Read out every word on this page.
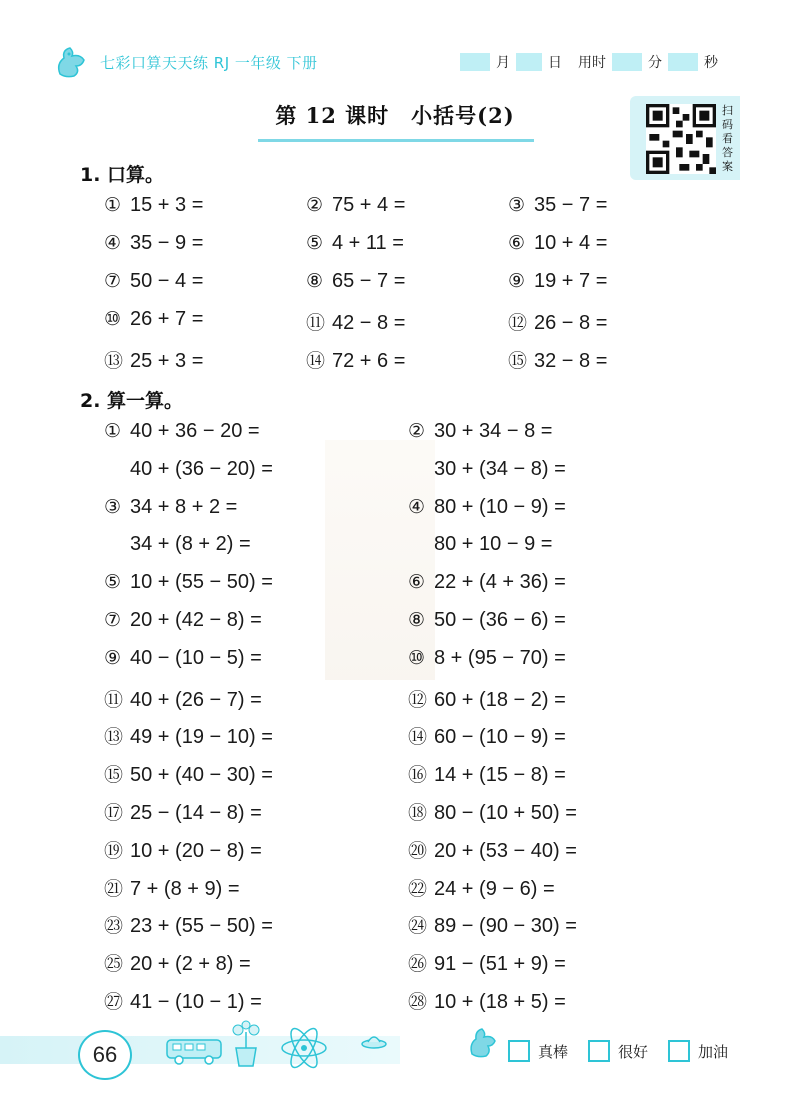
七彩口算天天练 RJ 一年级 下册	月	日 用时	分	秒
第 12 课时　小括号(2)	扫码看答案
1. 口算。
① 15 + 3 =	② 75 + 4 =	③ 35 − 7 =
④ 35 − 9 =	⑤ 4 + 11 =	⑥ 10 + 4 =
⑦ 50 − 4 =	⑧ 65 − 7 =	⑨ 19 + 7 =
⑩ 26 + 7 =	⑪ 42 − 8 =	⑫ 26 − 8 =
⑬ 25 + 3 =	⑭ 72 + 6 =	⑮ 32 − 8 =
2. 算一算。
① 40 + 36 − 20 =	② 30 + 34 − 8 =
40 + (36 − 20) =	30 + (34 − 8) =
③ 34 + 8 + 2 =	④ 80 + (10 − 9) =
34 + (8 + 2) =	80 + 10 − 9 =
⑤ 10 + (55 − 50) =	⑥ 22 + (4 + 36) =
⑦ 20 + (42 − 8) =	⑧ 50 − (36 − 6) =
⑨ 40 − (10 − 5) =	⑩ 8 + (95 − 70) =
⑪ 40 + (26 − 7) =	⑫ 60 + (18 − 2) =
⑬ 49 + (19 − 10) =	⑭ 60 − (10 − 9) =
⑮ 50 + (40 − 30) =	⑯ 14 + (15 − 8) =
⑰ 25 − (14 − 8) =	⑱ 80 − (10 + 50) =
⑲ 10 + (20 − 8) =	⑳ 20 + (53 − 40) =
㉑ 7 + (8 + 9) =	㉒ 24 + (9 − 6) =
㉓ 23 + (55 − 50) =	㉔ 89 − (90 − 30) =
㉕ 20 + (2 + 8) =	㉖ 91 − (51 + 9) =
㉗ 41 − (10 − 1) =	㉘ 10 + (18 + 5) =
66	真棒	很好	加油
